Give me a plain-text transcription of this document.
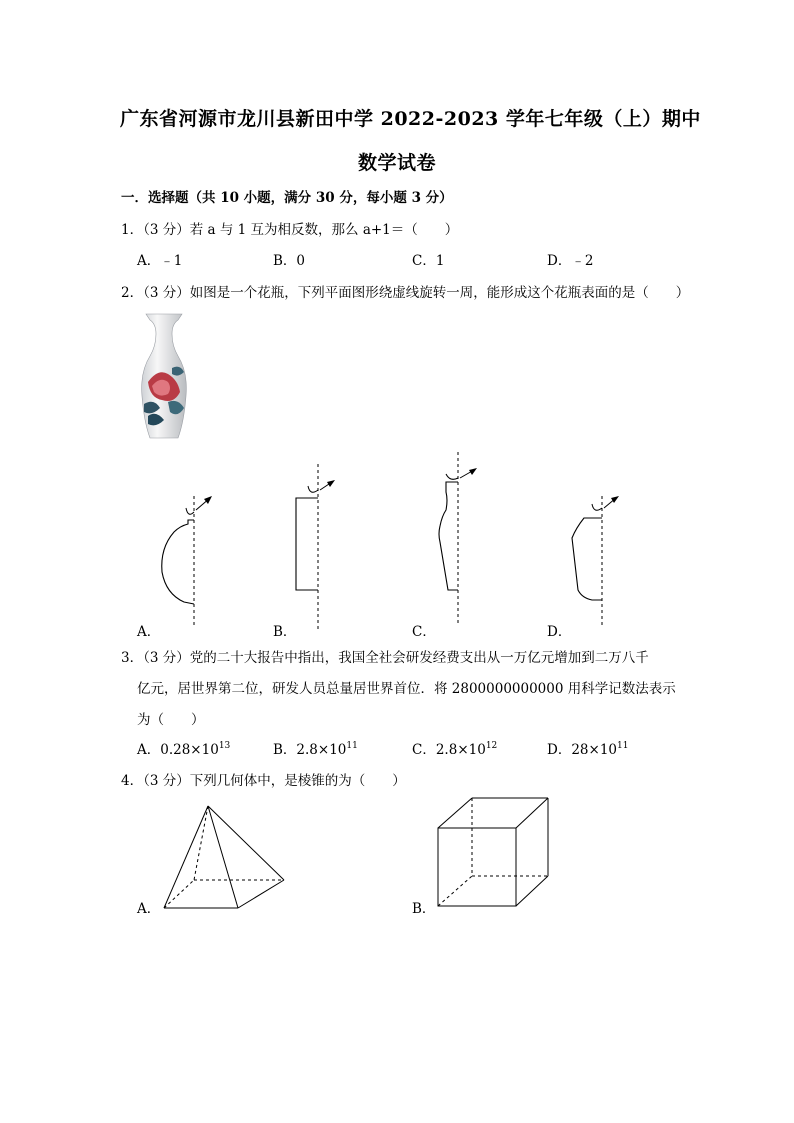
广东省河源市龙川县新田中学 2022-2023 学年七年级（上）期中
数学试卷
一．选择题（共 10 小题，满分 30 分，每小题 3 分）
1．（3 分）若 a 与 1 互为相反数，那么 a+1＝（　　）
A．﹣1	B．0	C．1	D．﹣2
2．（3 分）如图是一个花瓶，下列平面图形绕虚线旋转一周，能形成这个花瓶表面的是（　　）
A．	B．	C．	D．
3．（3 分）党的二十大报告中指出，我国全社会研发经费支出从一万亿元增加到二万八千
亿元，居世界第二位，研发人员总量居世界首位．将 2800000000000 用科学记数法表示
为（　　）
A．$0.28\times 10^{13}$	B．$2.8\times 10^{11}$	C．$2.8\times 10^{12}$	D．$28\times 10^{11}$
4．（3 分）下列几何体中，是棱锥的为（　　）
A．	B．
